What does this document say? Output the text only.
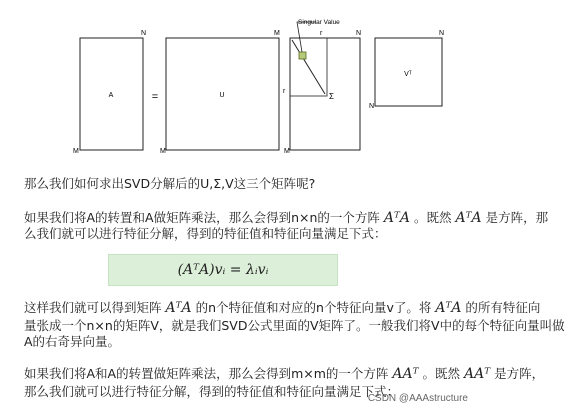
A
M
N
=	U
M
M
Singular Value
Σ
r
r
N
M
Vᵀ
N
N
那么我们如何求出SVD分解后的U,Σ,V这三个矩阵呢?
如果我们将A的转置和A做矩阵乘法，那么会得到n×n的一个方阵 AᵀA 。既然 AᵀA 是方阵，那
么我们就可以进行特征分解，得到的特征值和特征向量满足下式：
(AᵀA)vᵢ = λᵢvᵢ
这样我们就可以得到矩阵 AᵀA 的n个特征值和对应的n个特征向量v了。将 AᵀA 的所有特征向
量张成一个n×n的矩阵V，就是我们SVD公式里面的V矩阵了。一般我们将V中的每个特征向量叫做
A的右奇异向量。
如果我们将A和A的转置做矩阵乘法，那么会得到m×m的一个方阵 AAᵀ 。既然 AAᵀ 是方阵，
那么我们就可以进行特征分解，得到的特征值和特征向量满足下式：
CSDN @AAAstructure
